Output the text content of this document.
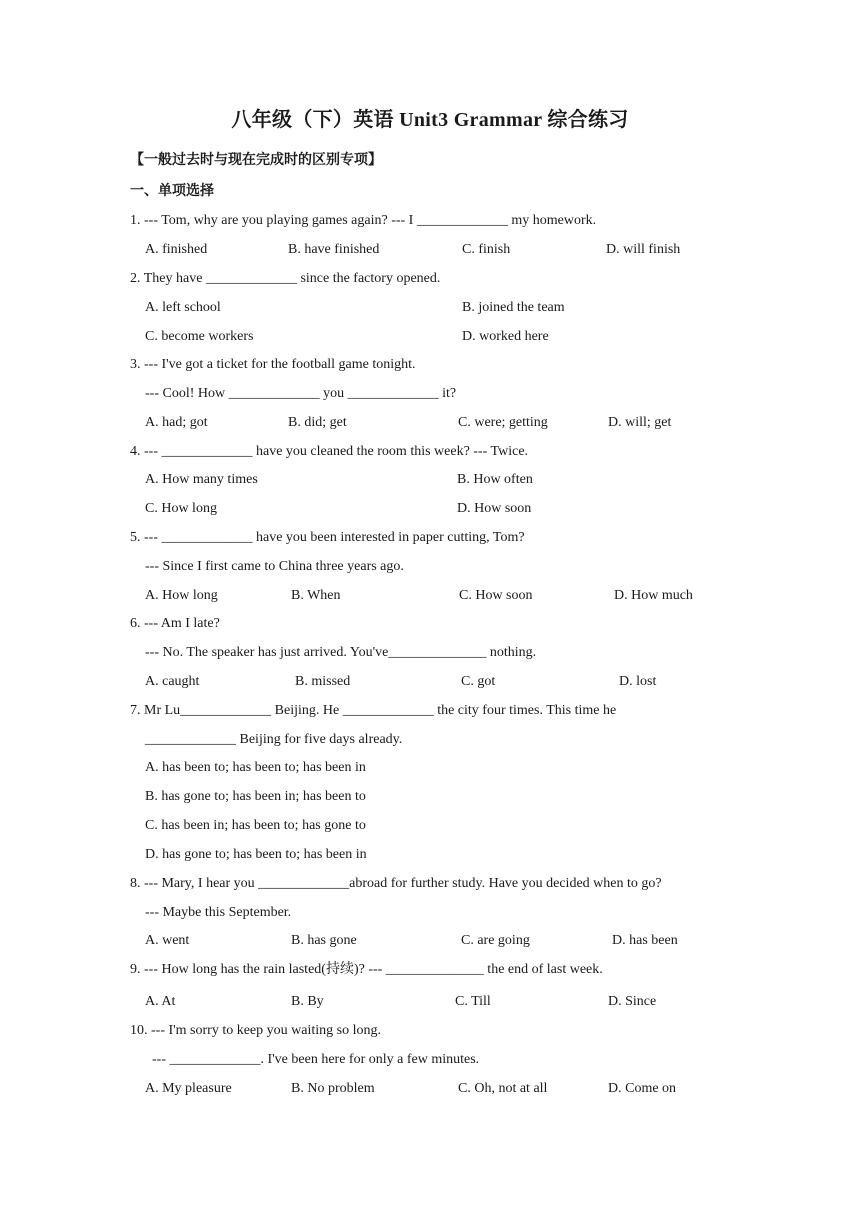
八年级（下）英语 Unit3 Grammar 综合练习
【一般过去时与现在完成时的区别专项】
一、单项选择
1. --- Tom, why are you playing games again? --- I _____________ my homework.
A. finished	B. have finished	C. finish	D. will finish
2. They have _____________ since the factory opened.
A. left school	B. joined the team
C. become workers	D. worked here
3. --- I've got a ticket for the football game tonight.
--- Cool! How _____________ you _____________ it?
A. had; got	B. did; get	C. were; getting	D. will; get
4. --- _____________ have you cleaned the room this week? --- Twice.
A. How many times	B. How often
C. How long	D. How soon
5. --- _____________ have you been interested in paper cutting, Tom?
--- Since I first came to China three years ago.
A. How long	B. When	C. How soon	D. How much
6. --- Am I late?
--- No. The speaker has just arrived. You've______________ nothing.
A. caught	B. missed	C. got	D. lost
7. Mr Lu_____________ Beijing. He _____________ the city four times. This time he
_____________ Beijing for five days already.
A. has been to; has been to; has been in
B. has gone to; has been in; has been to
C. has been in; has been to; has gone to
D. has gone to; has been to; has been in
8. --- Mary, I hear you _____________abroad for further study. Have you decided when to go?
--- Maybe this September.
A. went	B. has gone	C. are going	D. has been
9. --- How long has the rain lasted(持续)? --- ______________ the end of last week.
A. At	B. By	C. Till	D. Since
10. --- I'm sorry to keep you waiting so long.
--- _____________. I've been here for only a few minutes.
A. My pleasure	B. No problem	C. Oh, not at all	D. Come on
